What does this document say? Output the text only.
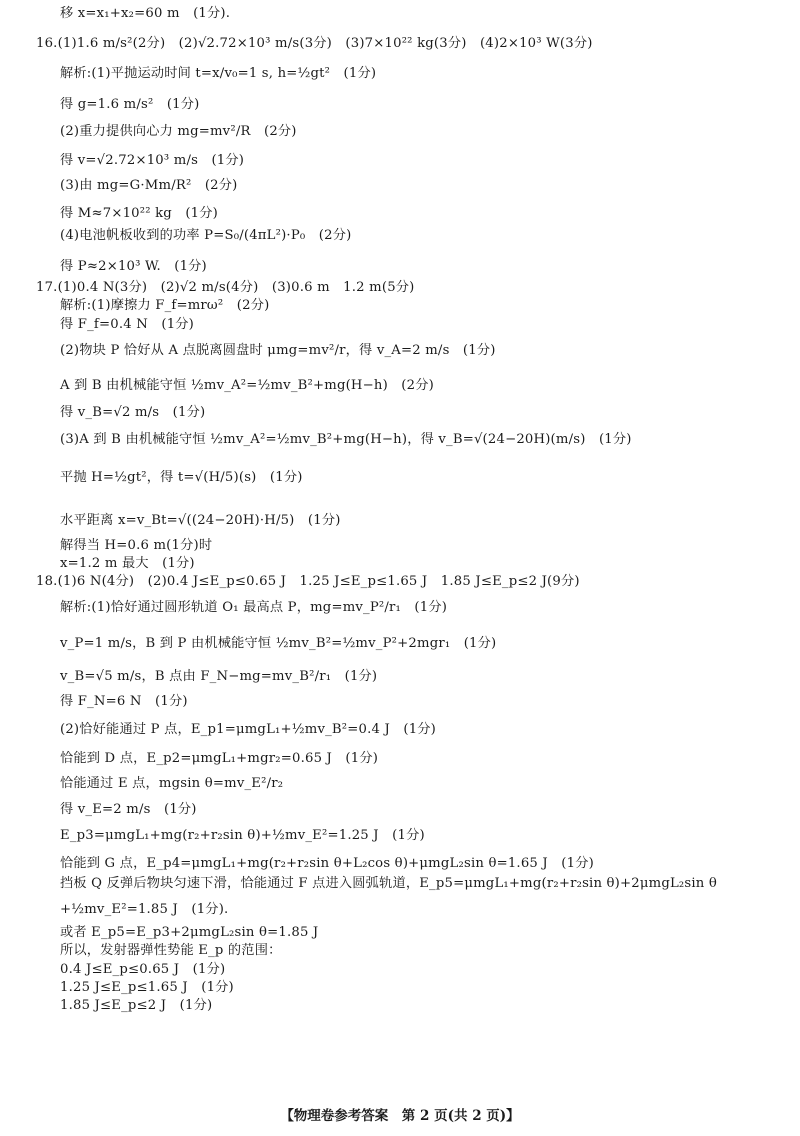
移 x=x₁+x₂=60 m　(1分).
16.(1)1.6 m/s²(2分)　(2)√2.72×10³ m/s(3分)　(3)7×10²² kg(3分)　(4)2×10³ W(3分)
解析:(1)平抛运动时间 t=x/v₀=1 s, h=½gt²　(1分)
得 g=1.6 m/s²　(1分)
(2)重力提供向心力 mg=mv²/R　(2分)
得 v=√2.72×10³ m/s　(1分)
(3)由 mg=G·Mm/R²　(2分)
得 M≈7×10²² kg　(1分)
(4)电池帆板收到的功率 P=S₀/(4πL²)·P₀　(2分)
得 P≈2×10³ W.　(1分)
17.(1)0.4 N(3分)　(2)√2 m/s(4分)　(3)0.6 m　1.2 m(5分)
解析:(1)摩擦力 F_f=mrω²　(2分)
得 F_f=0.4 N　(1分)
(2)物块 P 恰好从 A 点脱离圆盘时 μmg=mv²/r，得 v_A=2 m/s　(1分)
A 到 B 由机械能守恒 ½mv_A²=½mv_B²+mg(H−h)　(2分)
得 v_B=√2 m/s　(1分)
(3)A 到 B 由机械能守恒 ½mv_A²=½mv_B²+mg(H−h)，得 v_B=√(24−20H)(m/s)　(1分)
平抛 H=½gt²，得 t=√(H/5)(s)　(1分)
水平距离 x=v_Bt=√((24−20H)·H/5)　(1分)
解得当 H=0.6 m(1分)时
x=1.2 m 最大　(1分)
18.(1)6 N(4分)　(2)0.4 J≤E_p≤0.65 J　1.25 J≤E_p≤1.65 J　1.85 J≤E_p≤2 J(9分)
解析:(1)恰好通过圆形轨道 O₁ 最高点 P，mg=mv_P²/r₁　(1分)
v_P=1 m/s，B 到 P 由机械能守恒 ½mv_B²=½mv_P²+2mgr₁　(1分)
v_B=√5 m/s，B 点由 F_N−mg=mv_B²/r₁　(1分)
得 F_N=6 N　(1分)
(2)恰好能通过 P 点，E_p1=μmgL₁+½mv_B²=0.4 J　(1分)
恰能到 D 点，E_p2=μmgL₁+mgr₂=0.65 J　(1分)
恰能通过 E 点，mgsin θ=mv_E²/r₂
得 v_E=2 m/s　(1分)
E_p3=μmgL₁+mg(r₂+r₂sin θ)+½mv_E²=1.25 J　(1分)
恰能到 G 点，E_p4=μmgL₁+mg(r₂+r₂sin θ+L₂cos θ)+μmgL₂sin θ=1.65 J　(1分)
挡板 Q 反弹后物块匀速下滑，恰能通过 F 点进入圆弧轨道，E_p5=μmgL₁+mg(r₂+r₂sin θ)+2μmgL₂sin θ
+½mv_E²=1.85 J　(1分).
或者 E_p5=E_p3+2μmgL₂sin θ=1.85 J
所以，发射器弹性势能 E_p 的范围：
0.4 J≤E_p≤0.65 J　(1分)
1.25 J≤E_p≤1.65 J　(1分)
1.85 J≤E_p≤2 J　(1分)
【物理卷参考答案　第 2 页(共 2 页)】
